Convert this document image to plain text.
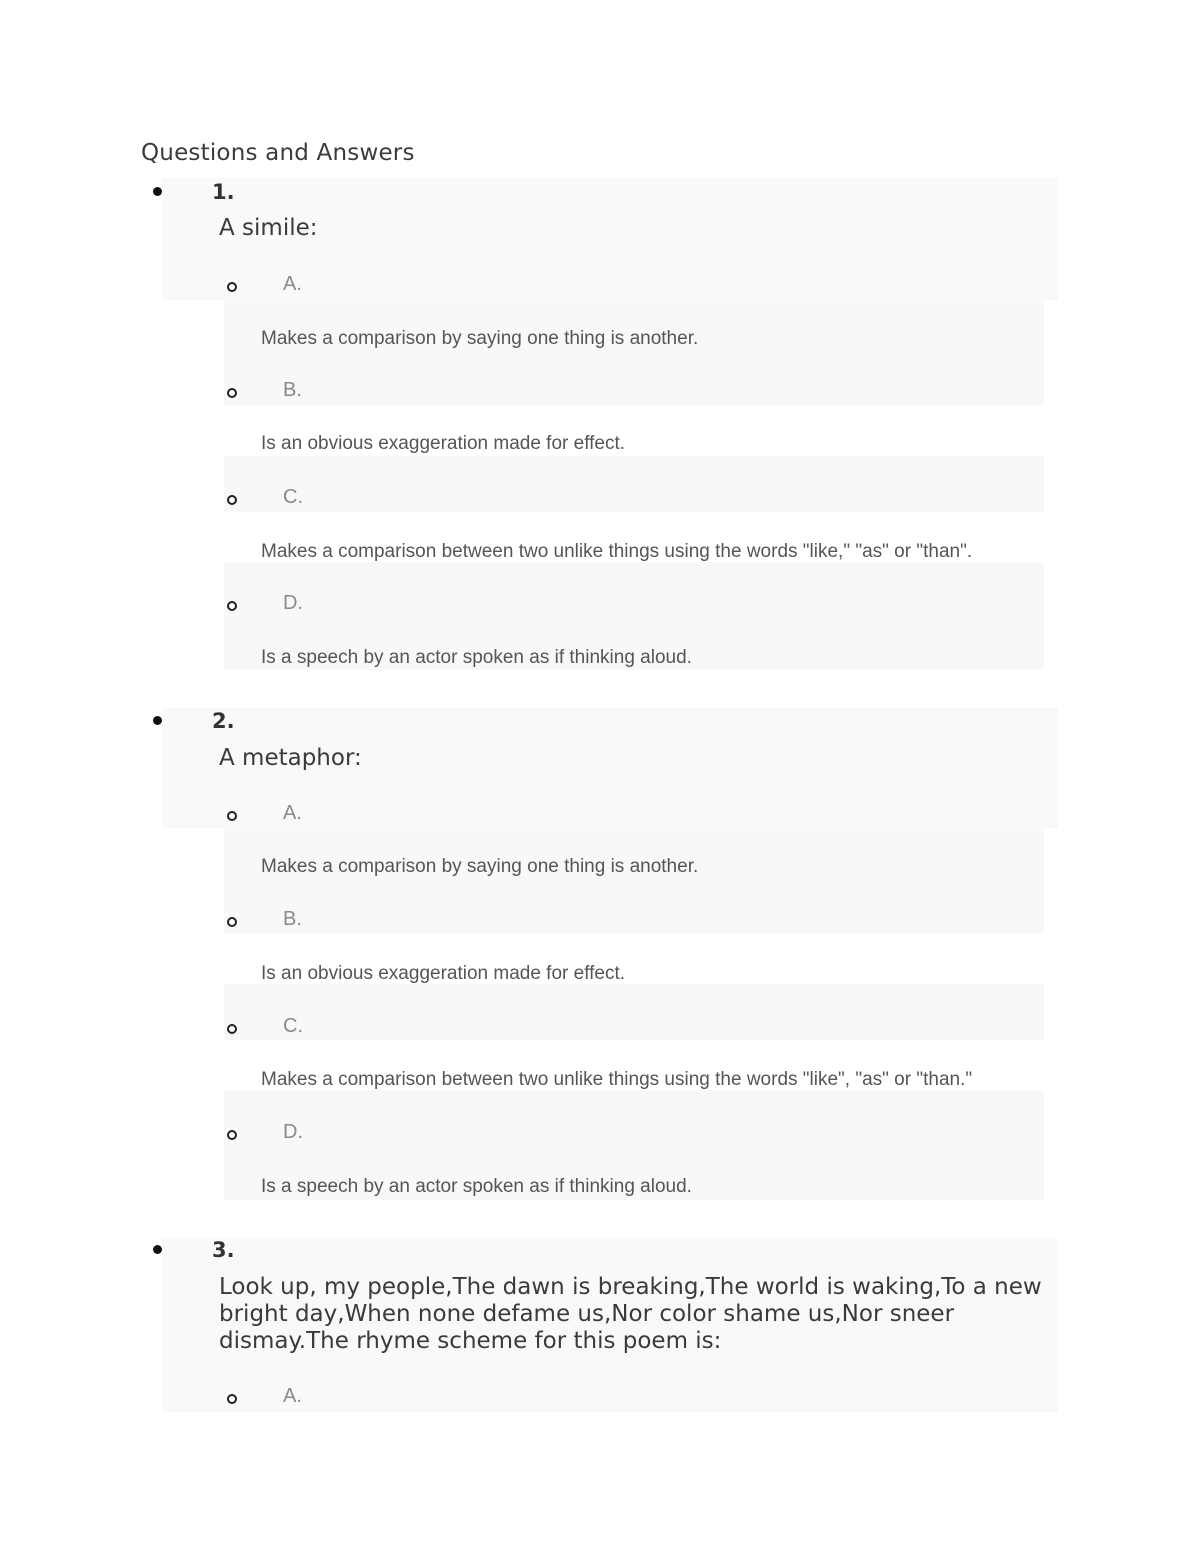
Questions and Answers
1.
A simile:
A.
Makes a comparison by saying one thing is another.
B.
Is an obvious exaggeration made for effect.
C.
Makes a comparison between two unlike things using the words "like," "as" or "than".
D.
Is a speech by an actor spoken as if thinking aloud.
2.
A metaphor:
A.
Makes a comparison by saying one thing is another.
B.
Is an obvious exaggeration made for effect.
C.
Makes a comparison between two unlike things using the words "like", "as" or "than."
D.
Is a speech by an actor spoken as if thinking aloud.
3.
Look up, my people,The dawn is breaking,The world is waking,To a new bright day,When none defame us,Nor color shame us,Nor sneer dismay.The rhyme scheme for this poem is:
A.
